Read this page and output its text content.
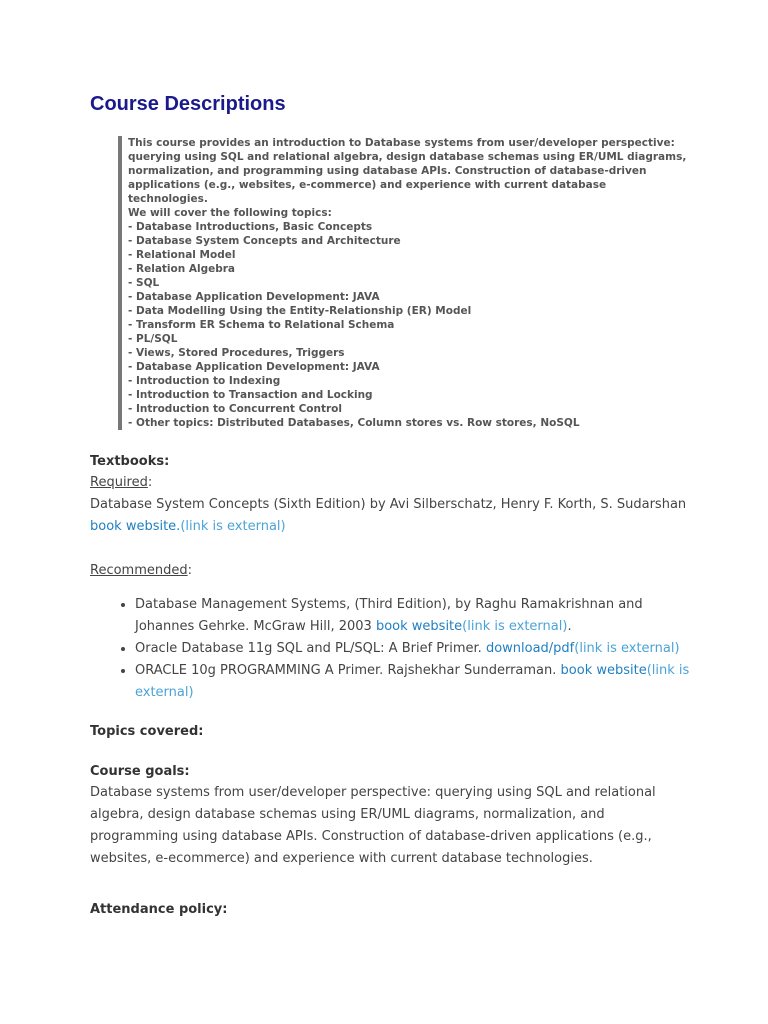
Course Descriptions

This course provides an introduction to Database systems from user/developer perspective: querying using SQL and relational algebra, design database schemas using ER/UML diagrams, normalization, and programming using database APIs. Construction of database-driven applications (e.g., websites, e-commerce) and experience with current database technologies.

We will cover the following topics:

- Database Introductions, Basic Concepts
- Database System Concepts and Architecture
- Relational Model
- Relation Algebra
- SQL
- Database Application Development: JAVA
- Data Modelling Using the Entity-Relationship (ER) Model
- Transform ER Schema to Relational Schema
- PL/SQL
- Views, Stored Procedures, Triggers
- Database Application Development: JAVA
- Introduction to Indexing
- Introduction to Transaction and Locking
- Introduction to Concurrent Control
- Other topics: Distributed Databases, Column stores vs. Row stores, NoSQL
Textbooks:

Required:

Database System Concepts (Sixth Edition) by Avi Silberschatz, Henry F. Korth, S. Sudarshan book website.(link is external)

Recommended:

• Database Management Systems, (Third Edition), by Raghu Ramakrishnan and Johannes Gehrke. McGraw Hill, 2003 book website(link is external).
• Oracle Database 11g SQL and PL/SQL: A Brief Primer. download/pdf(link is external)
• ORACLE 10g PROGRAMMING A Primer. Rajshekhar Sunderraman. book website(link is external)
Topics covered:
Course goals:

Database systems from user/developer perspective: querying using SQL and relational algebra, design database schemas using ER/UML diagrams, normalization, and programming using database APIs. Construction of database-driven applications (e.g., websites, e-ecommerce) and experience with current database technologies.

Attendance policy:
